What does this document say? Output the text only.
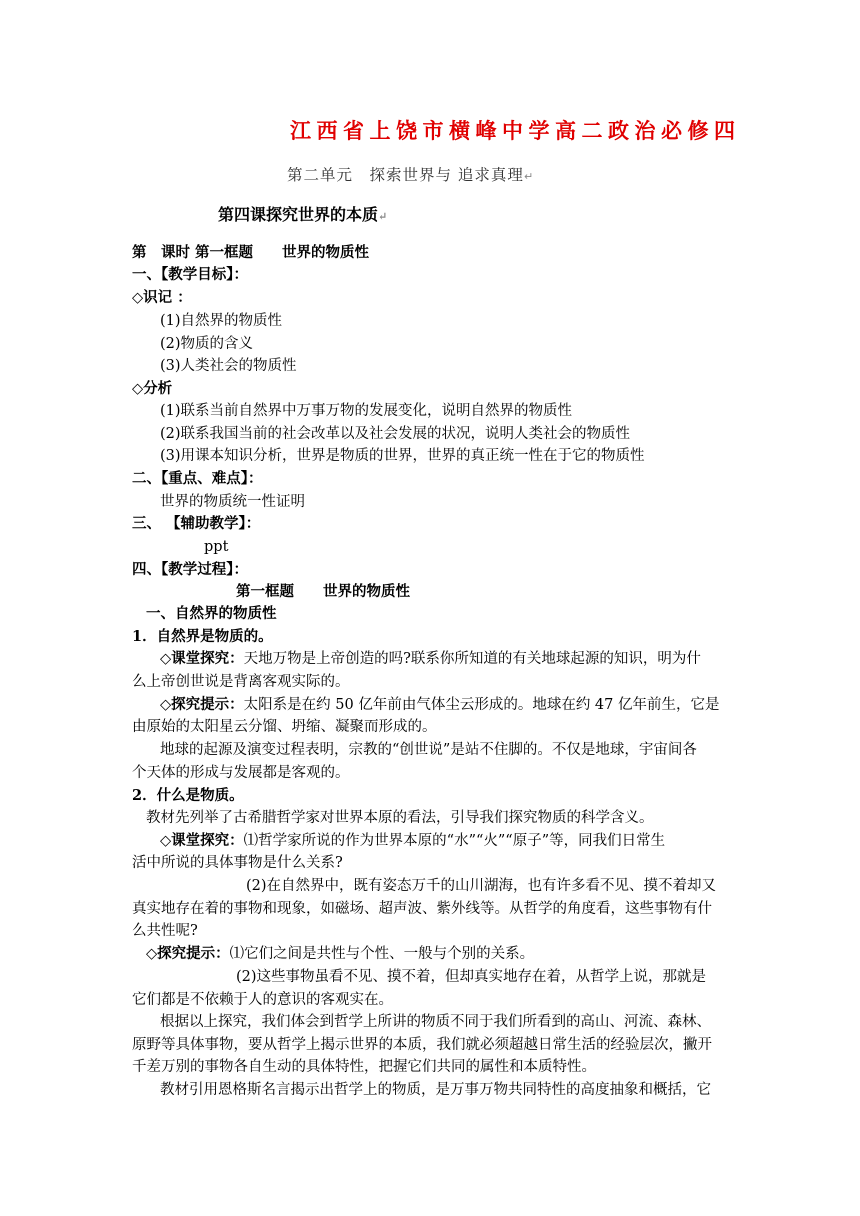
江西省上饶市横峰中学高二政治必修四
第二单元　探索世界与 追求真理↵
第四课探究世界的本质↵
第　课时 第一框题　　世界的物质性
一、【教学目标】：
◇识记 ：
(1)自然界的物质性
(2)物质的含义
(3)人类社会的物质性
◇分析
(1)联系当前自然界中万事万物的发展变化，说明自然界的物质性
(2)联系我国当前的社会改革以及社会发展的状况，说明人类社会的物质性
(3)用课本知识分析，世界是物质的世界，世界的真正统一性在于它的物质性
二、【重点、难点】：
世界的物质统一性证明
三、 【辅助教学】：
ppt
四、【教学过程】：
第一框题　　世界的物质性
一、自然界的物质性
1．自然界是物质的。
◇课堂探究：天地万物是上帝创造的吗?联系你所知道的有关地球起源的知识，明为什
么上帝创世说是背离客观实际的。
◇探究提示：太阳系是在约 50 亿年前由气体尘云形成的。地球在约 47 亿年前生，它是
由原始的太阳星云分馏、坍缩、凝聚而形成的。
地球的起源及演变过程表明，宗教的“创世说”是站不住脚的。不仅是地球，宇宙间各
个天体的形成与发展都是客观的。
2．什么是物质。
教材先列举了古希腊哲学家对世界本原的看法，引导我们探究物质的科学含义。
◇课堂探究：⑴哲学家所说的作为世界本原的“水”“火”“原子”等，同我们日常生
活中所说的具体事物是什么关系?
(2)在自然界中，既有姿态万千的山川湖海，也有许多看不见、摸不着却又
真实地存在着的事物和现象，如磁场、超声波、紫外线等。从哲学的角度看，这些事物有什
么共性呢?
◇探究提示：⑴它们之间是共性与个性、一般与个别的关系。
(2)这些事物虽看不见、摸不着，但却真实地存在着，从哲学上说，那就是
它们都是不依赖于人的意识的客观实在。
根据以上探究，我们体会到哲学上所讲的物质不同于我们所看到的高山、河流、森林、
原野等具体事物，要从哲学上揭示世界的本质，我们就必须超越日常生活的经验层次，撇开
千差万别的事物各自生动的具体特性，把握它们共同的属性和本质特性。
教材引用恩格斯名言揭示出哲学上的物质，是万事万物共同特性的高度抽象和概括，它
